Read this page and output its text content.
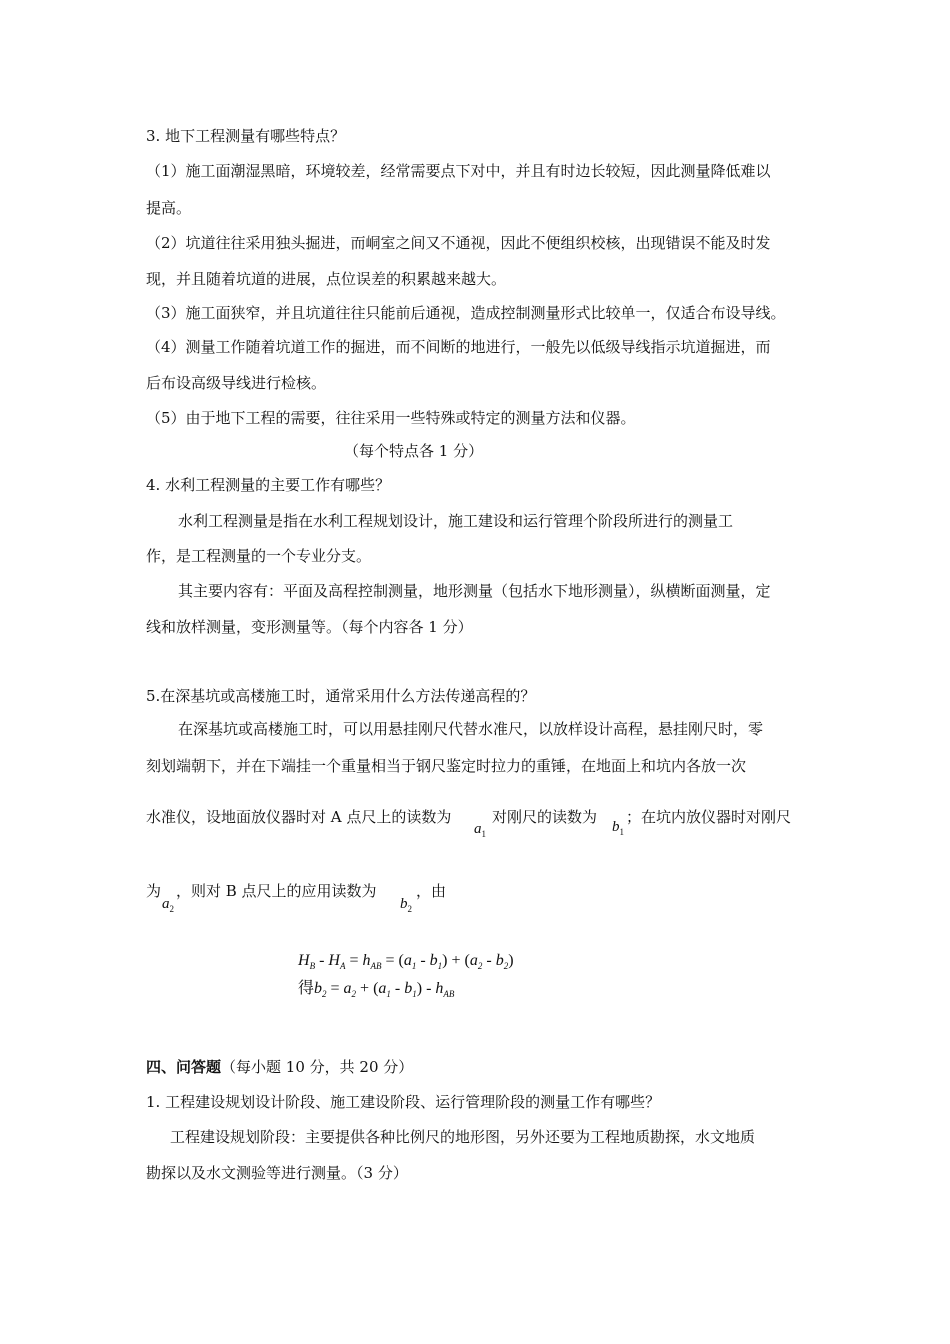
3. 地下工程测量有哪些特点？
（1）施工面潮湿黑暗，环境较差，经常需要点下对中，并且有时边长较短，因此测量降低难以
提高。
（2）坑道往往采用独头掘进，而峒室之间又不通视，因此不便组织校核，出现错误不能及时发
现，并且随着坑道的进展，点位误差的积累越来越大。
（3）施工面狭窄，并且坑道往往只能前后通视，造成控制测量形式比较单一，仅适合布设导线。
（4）测量工作随着坑道工作的掘进，而不间断的地进行，一般先以低级导线指示坑道掘进，而
后布设高级导线进行检核。
（5）由于地下工程的需要，往往采用一些特殊或特定的测量方法和仪器。
（每个特点各 1 分）
4. 水利工程测量的主要工作有哪些？
水利工程测量是指在水利工程规划设计，施工建设和运行管理个阶段所进行的测量工
作，是工程测量的一个专业分支。
其主要内容有：平面及高程控制测量，地形测量（包括水下地形测量），纵横断面测量，定
线和放样测量，变形测量等。（每个内容各 1 分）
5.在深基坑或高楼施工时，通常采用什么方法传递高程的？
在深基坑或高楼施工时，可以用悬挂刚尺代替水准尺，以放样设计高程，悬挂刚尺时，零
刻划端朝下，并在下端挂一个重量相当于钢尺鉴定时拉力的重锤，在地面上和坑内各放一次
水准仪，设地面放仪器时对 A 点尺上的读数为
$a_1$
对刚尺的读数为
$b_1$
；在坑内放仪器时对刚尺
为
$a_2$
，则对 B 点尺上的应用读数为
$b_2$
，由
$H_B - H_A = h_{AB} = (a_1 - b_1) + (a_2 - b_2)$
得$b_2 = a_2 + (a_1 - b_1) - h_{AB}$
四、问答题（每小题 10 分，共 20 分）
1. 工程建设规划设计阶段、施工建设阶段、运行管理阶段的测量工作有哪些？
工程建设规划阶段：主要提供各种比例尺的地形图，另外还要为工程地质勘探，水文地质
勘探以及水文测验等进行测量。（3 分）
